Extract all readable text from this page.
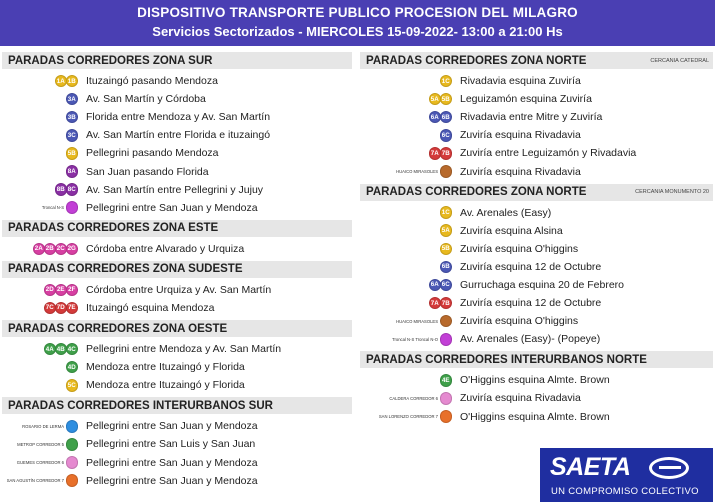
DISPOSITIVO TRANSPORTE PUBLICO PROCESION DEL MILAGRO
Servicios Sectorizados - MIERCOLES 15-09-2022- 13:00 a 21:00 Hs
PARADAS CORREDORES ZONA SUR
1A 1B Ituzaingó pasando Mendoza
3A Av. San Martín y Córdoba
3B Florida entre Mendoza y Av. San Martín
3C Av. San Martín entre Florida e ituzaingó
5B Pellegrini pasando Mendoza
8A San Juan pasando Florida
8B 8C Av. San Martín entre Pellegrini y Jujuy
Troncal N-S Pellegrini entre San Juan y Mendoza
PARADAS CORREDORES ZONA ESTE
2A 2B 2C 2G Córdoba entre Alvarado y Urquiza
PARADAS CORREDORES ZONA SUDESTE
2D 2E 2F Córdoba entre Urquiza y Av. San Martín
7C 7D 7E Ituzaingó esquina Mendoza
PARADAS CORREDORES ZONA OESTE
4A 4B 4C Pellegrini entre Mendoza y Av. San Martín
4D Mendoza entre Ituzaingó y Florida
5C Mendoza entre Ituzaingó y Florida
PARADAS CORREDORES INTERURBANOS SUR
ROSARIO DE LERMA Pellegrini entre San Juan y Mendoza
METROP CORREDOR 5 Pellegrini entre San Luis y San Juan
GUEMES CORREDOR 6 Pellegrini entre San Juan y Mendoza
SAN AGUSTÍN CORREDOR 7 Pellegrini entre San Juan y Mendoza
PARADAS CORREDORES ZONA NORTE	CERCANIA CATEDRAL
1C Rivadavia esquina Zuviría
5A 5B Leguizamón esquina Zuviría
6A 6B Rivadavia entre Mitre y Zuviría
6C Zuviría esquina Rivadavia
7A 7B Zuviría entre Leguizamón y Rivadavia
HUAICO MIRASOLES Zuviría esquina Rivadavia
PARADAS CORREDORES ZONA NORTE	CERCANIA MONUMENTO 20
1C Av. Arenales (Easy)
5A Zuviría esquina Alsina
5B Zuviría esquina O'higgins
6B Zuviría esquina 12 de Octubre
6A 6C Gurruchaga esquina 20 de Febrero
7A 7B Zuviría esquina 12 de Octubre
HUAICO MIRASOLES Zuviría esquina O'higgins
Troncal N-S Troncal N-O Av. Arenales (Easy)- (Popeye)
PARADAS CORREDORES INTERURBANOS NORTE
4E O'Higgins esquina Almte. Brown
CALDERA CORREDOR 6 Zuviría esquina Rivadavia
SAN LORENZO CORREDOR 7 O'Higgins esquina Almte. Brown
SAETA
UN COMPROMISO COLECTIVO
